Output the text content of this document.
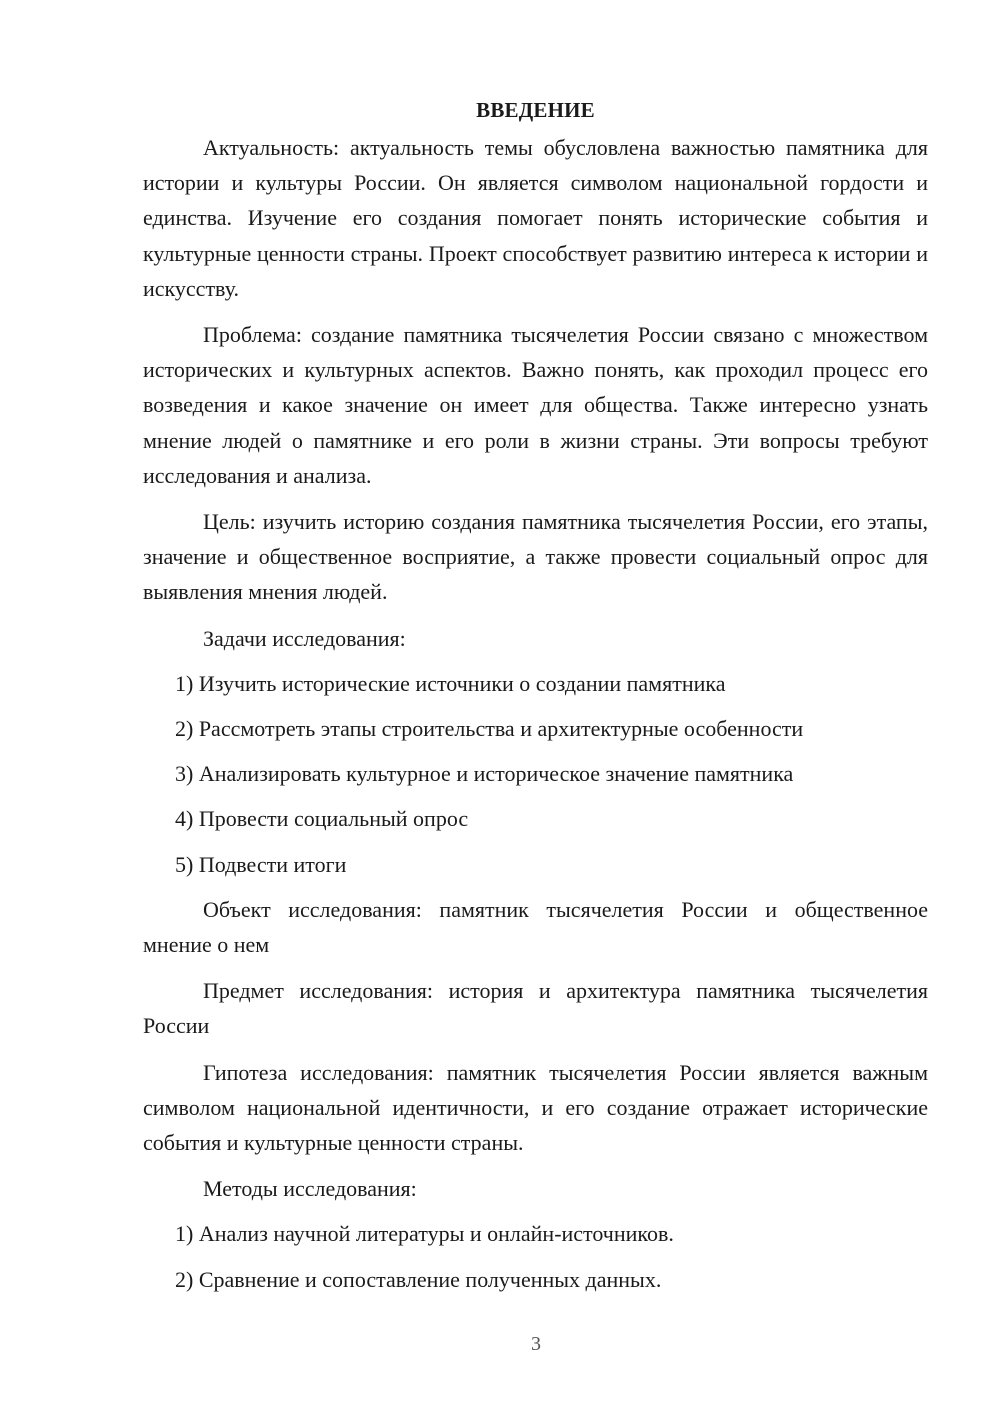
ВВЕДЕНИЕ

Актуальность: актуальность темы обусловлена важностью памятника для истории и культуры России. Он является символом национальной гордости и единства. Изучение его создания помогает понять исторические события и культурные ценности страны. Проект способствует развитию интереса к истории и искусству.

Проблема: создание памятника тысячелетия России связано с множеством исторических и культурных аспектов. Важно понять, как проходил процесс его возведения и какое значение он имеет для общества. Также интересно узнать мнение людей о памятнике и его роли в жизни страны. Эти вопросы требуют исследования и анализа.

Цель: изучить историю создания памятника тысячелетия России, его этапы, значение и общественное восприятие, а также провести социальный опрос для выявления мнения людей.

Задачи исследования:

1) Изучить исторические источники о создании памятника
2) Рассмотреть этапы строительства и архитектурные особенности
3) Анализировать культурное и историческое значение памятника
4) Провести социальный опрос
5) Подвести итоги

Объект исследования: памятник тысячелетия России и общественное мнение о нем

Предмет исследования: история и архитектура памятника тысячелетия России

Гипотеза исследования: памятник тысячелетия России является важным символом национальной идентичности, и его создание отражает исторические события и культурные ценности страны.

Методы исследования:

1) Анализ научной литературы и онлайн-источников.
2) Сравнение и сопоставление полученных данных.
3
